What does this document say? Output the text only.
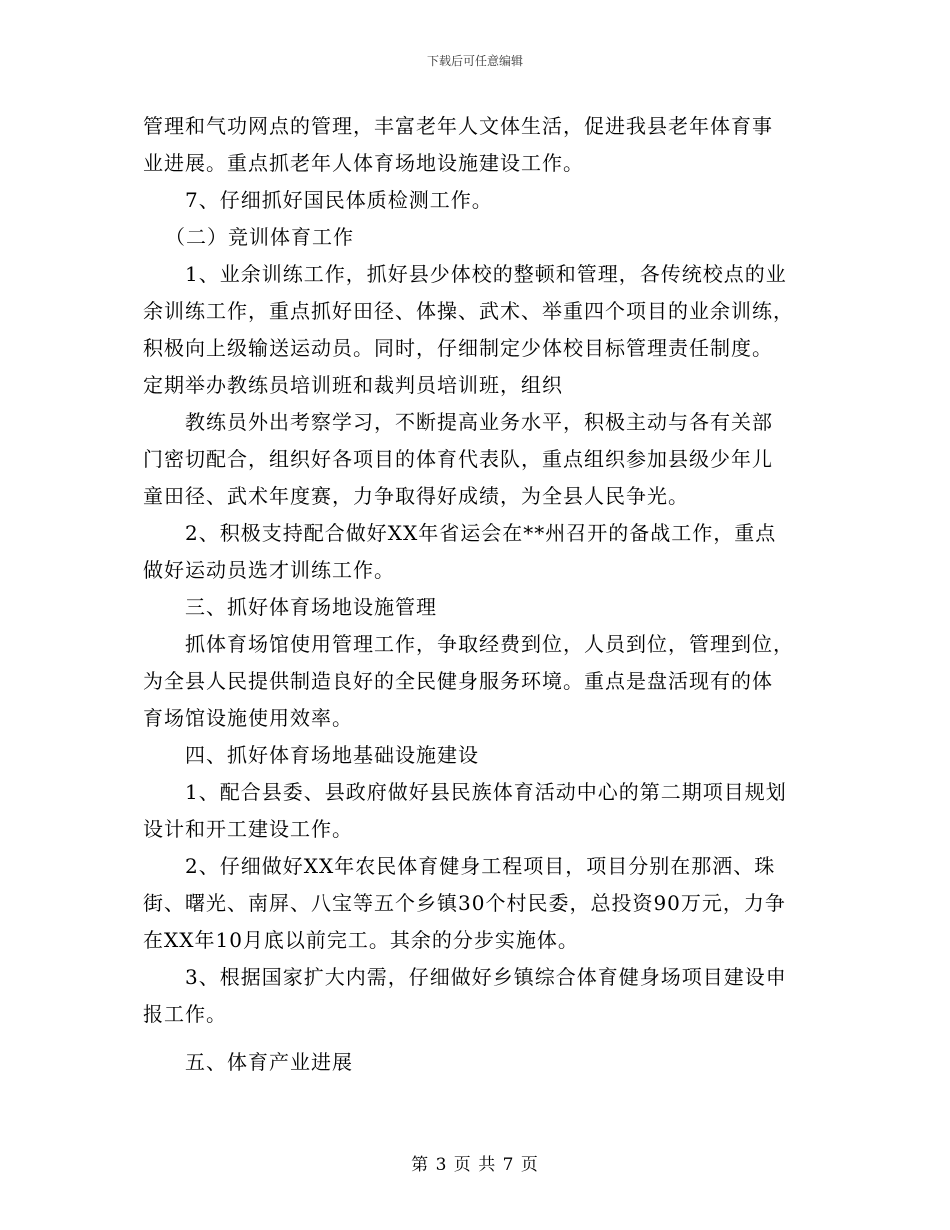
下载后可任意编辑
管理和气功网点的管理，丰富老年人文体生活，促进我县老年体育事
业进展。重点抓老年人体育场地设施建设工作。
7、仔细抓好国民体质检测工作。
（二）竞训体育工作
1、业余训练工作，抓好县少体校的整顿和管理，各传统校点的业
余训练工作，重点抓好田径、体操、武术、举重四个项目的业余训练，
积极向上级输送运动员。同时，仔细制定少体校目标管理责任制度。
定期举办教练员培训班和裁判员培训班，组织
教练员外出考察学习，不断提高业务水平，积极主动与各有关部
门密切配合，组织好各项目的体育代表队，重点组织参加县级少年儿
童田径、武术年度赛，力争取得好成绩，为全县人民争光。
2、积极支持配合做好XX年省运会在**州召开的备战工作，重点
做好运动员选才训练工作。
三、抓好体育场地设施管理
抓体育场馆使用管理工作，争取经费到位，人员到位，管理到位，
为全县人民提供制造良好的全民健身服务环境。重点是盘活现有的体
育场馆设施使用效率。
四、抓好体育场地基础设施建设
1、配合县委、县政府做好县民族体育活动中心的第二期项目规划
设计和开工建设工作。
2、仔细做好XX年农民体育健身工程项目，项目分别在那洒、珠
街、曙光、南屏、八宝等五个乡镇30个村民委，总投资90万元，力争
在XX年10月底以前完工。其余的分步实施体。
3、根据国家扩大内需，仔细做好乡镇综合体育健身场项目建设申
报工作。
五、体育产业进展
第 3 页 共 7 页
